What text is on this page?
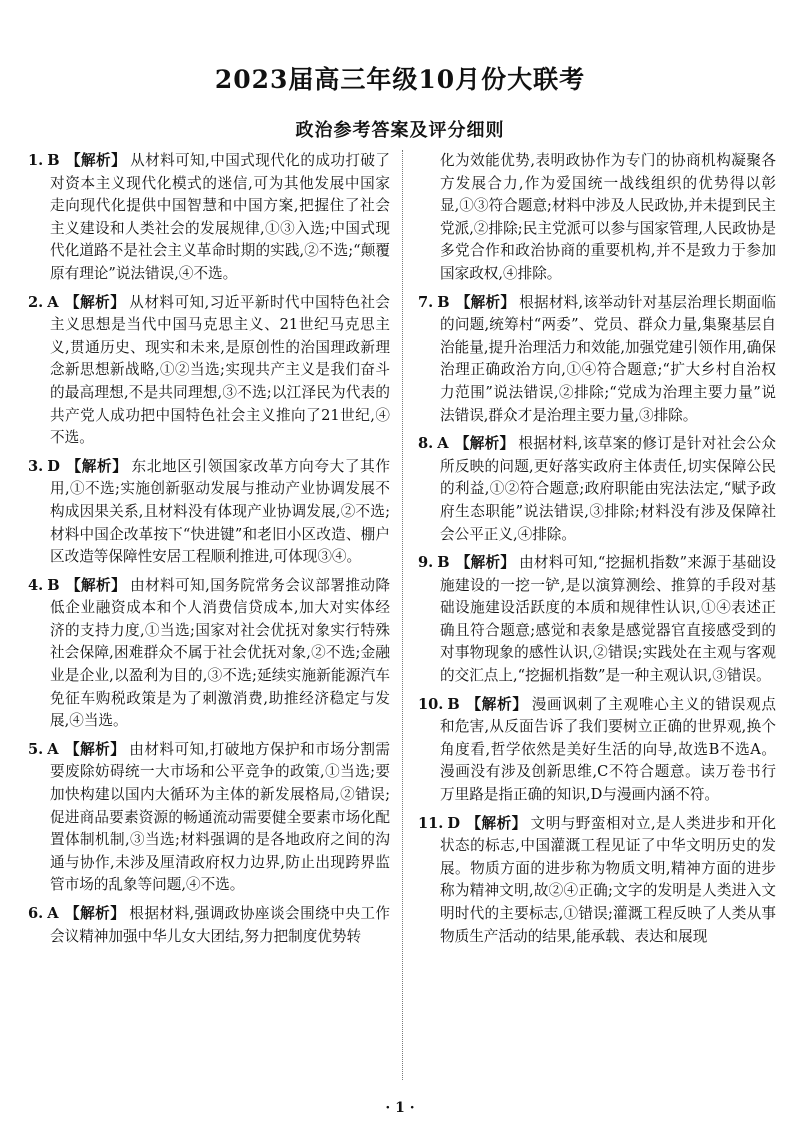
2023届高三年级10月份大联考
政治参考答案及评分细则

1. B 【解析】 从材料可知,中国式现代化的成功打破了对资本主义现代化模式的迷信,可为其他发展中国家走向现代化提供中国智慧和中国方案,把握住了社会主义建设和人类社会的发展规律,①③入选;中国式现代化道路不是社会主义革命时期的实践,②不选;“颠覆原有理论”说法错误,④不选。

2. A 【解析】 从材料可知,习近平新时代中国特色社会主义思想是当代中国马克思主义、21世纪马克思主义,贯通历史、现实和未来,是原创性的治国理政新理念新思想新战略,①②当选;实现共产主义是我们奋斗的最高理想,不是共同理想,③不选;以江泽民为代表的共产党人成功把中国特色社会主义推向了21世纪,④不选。

3. D 【解析】 东北地区引领国家改革方向夸大了其作用,①不选;实施创新驱动发展与推动产业协调发展不构成因果关系,且材料没有体现产业协调发展,②不选;材料中国企改革按下“快进键”和老旧小区改造、棚户区改造等保障性安居工程顺利推进,可体现③④。

4. B 【解析】 由材料可知,国务院常务会议部署推动降低企业融资成本和个人消费信贷成本,加大对实体经济的支持力度,①当选;国家对社会优抚对象实行特殊社会保障,困难群众不属于社会优抚对象,②不选;金融业是企业,以盈利为目的,③不选;延续实施新能源汽车免征车购税政策是为了刺激消费,助推经济稳定与发展,④当选。

5. A 【解析】 由材料可知,打破地方保护和市场分割需要废除妨碍统一大市场和公平竞争的政策,①当选;要加快构建以国内大循环为主体的新发展格局,②错误;促进商品要素资源的畅通流动需要健全要素市场化配置体制机制,③当选;材料强调的是各地政府之间的沟通与协作,未涉及厘清政府权力边界,防止出现跨界监管市场的乱象等问题,④不选。

6. A 【解析】 根据材料,强调政协座谈会围绕中央工作会议精神加强中华儿女大团结,努力把制度优势转

化为效能优势,表明政协作为专门的协商机构凝聚各方发展合力,作为爱国统一战线组织的优势得以彰显,①③符合题意;材料中涉及人民政协,并未提到民主党派,②排除;民主党派可以参与国家管理,人民政协是多党合作和政治协商的重要机构,并不是致力于参加国家政权,④排除。

7. B 【解析】 根据材料,该举动针对基层治理长期面临的问题,统筹村“两委”、党员、群众力量,集聚基层自治能量,提升治理活力和效能,加强党建引领作用,确保治理正确政治方向,①④符合题意;“扩大乡村自治权力范围”说法错误,②排除;“党成为治理主要力量”说法错误,群众才是治理主要力量,③排除。

8. A 【解析】 根据材料,该草案的修订是针对社会公众所反映的问题,更好落实政府主体责任,切实保障公民的利益,①②符合题意;政府职能由宪法法定,“赋予政府生态职能”说法错误,③排除;材料没有涉及保障社会公平正义,④排除。

9. B 【解析】 由材料可知,“挖掘机指数”来源于基础设施建设的一挖一铲,是以演算测绘、推算的手段对基础设施建设活跃度的本质和规律性认识,①④表述正确且符合题意;感觉和表象是感觉器官直接感受到的对事物现象的感性认识,②错误;实践处在主观与客观的交汇点上,“挖掘机指数”是一种主观认识,③错误。

10. B 【解析】 漫画讽刺了主观唯心主义的错误观点和危害,从反面告诉了我们要树立正确的世界观,换个角度看,哲学依然是美好生活的向导,故选B不选A。漫画没有涉及创新思维,C不符合题意。读万卷书行万里路是指正确的知识,D与漫画内涵不符。

11. D 【解析】 文明与野蛮相对立,是人类进步和开化状态的标志,中国灌溉工程见证了中华文明历史的发展。物质方面的进步称为物质文明,精神方面的进步称为精神文明,故②④正确;文字的发明是人类进入文明时代的主要标志,①错误;灌溉工程反映了人类从事物质生产活动的结果,能承载、表达和展现

· 1 ·
